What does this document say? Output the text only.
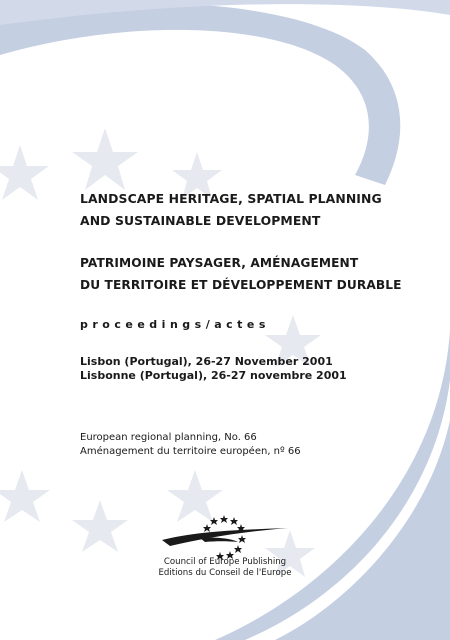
LANDSCAPE HERITAGE, SPATIAL PLANNING
AND SUSTAINABLE DEVELOPMENT
PATRIMOINE PAYSAGER, AMÉNAGEMENT
DU TERRITOIRE ET DÉVELOPPEMENT DURABLE
proceedings/actes
Lisbon (Portugal), 26-27 November 2001
Lisbonne (Portugal), 26-27 novembre 2001
European regional planning, No. 66
Aménagement du territoire européen, nº 66
Council of Europe Publishing
Editions du Conseil de l'Europe
